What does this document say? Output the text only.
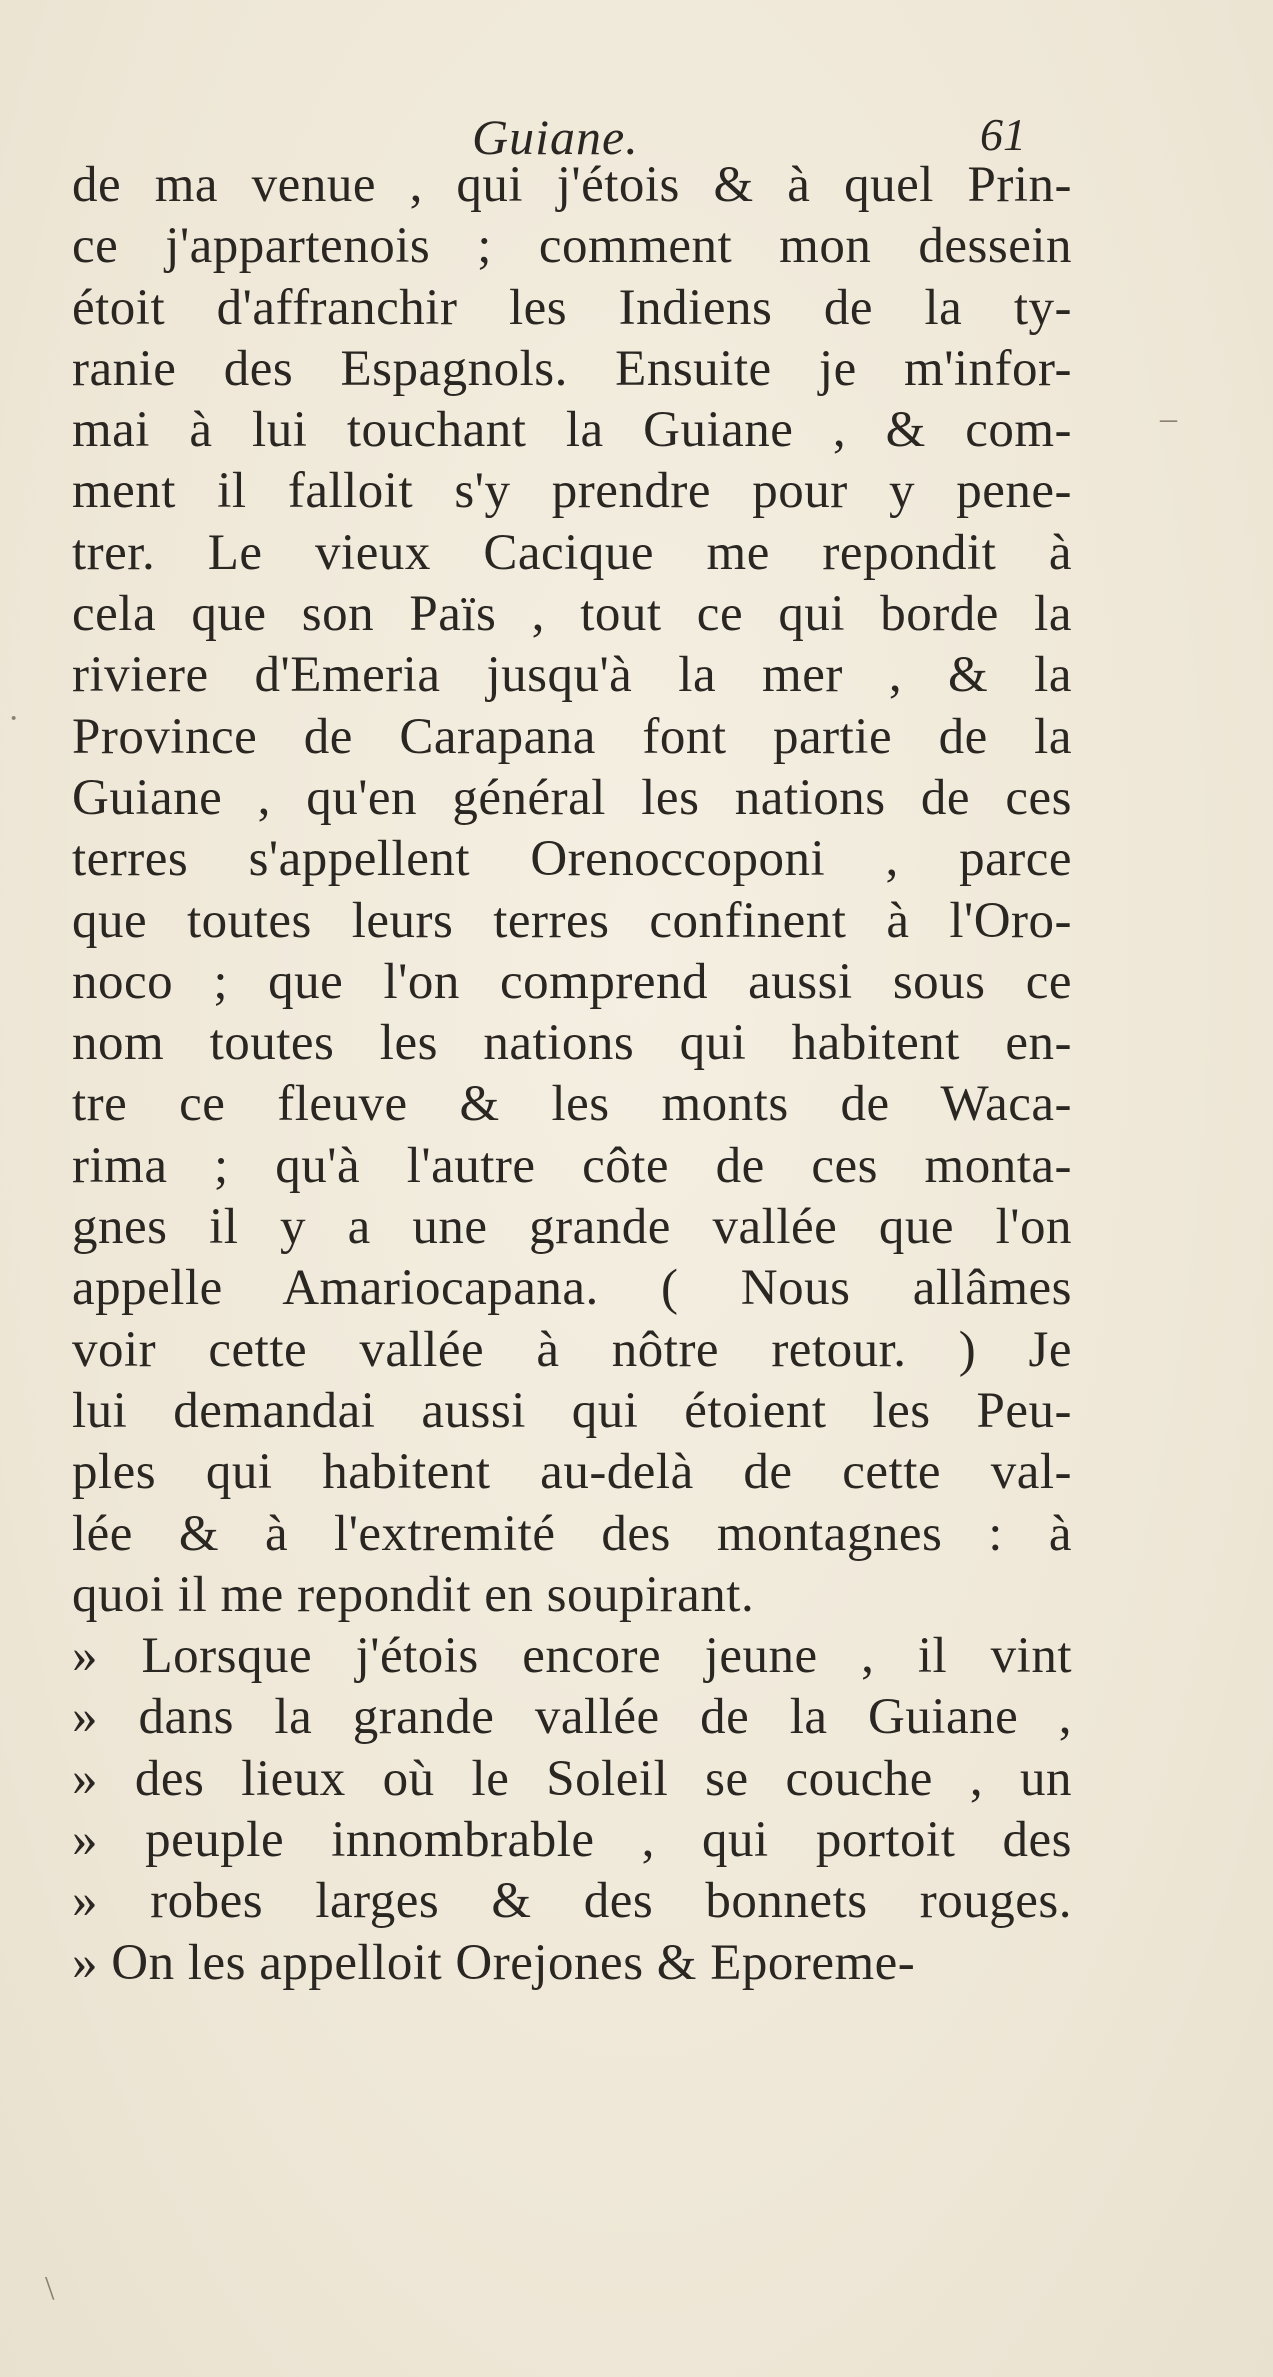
Guiane.	61
de ma venue , qui j'étois & à quel Prin-
ce j'appartenois ; comment mon dessein
étoit d'affranchir les Indiens de la ty-
ranie des Espagnols. Ensuite je m'infor-
mai à lui touchant la Guiane , & com-
ment il falloit s'y prendre pour y pene-
trer. Le vieux Cacique me repondit à
cela que son Païs , tout ce qui borde la
riviere d'Emeria jusqu'à la mer , & la
Province de Carapana font partie de la
Guiane , qu'en général les nations de ces
terres s'appellent Orenoccoponi , parce
que toutes leurs terres confinent à l'Oro-
noco ; que l'on comprend aussi sous ce
nom toutes les nations qui habitent en-
tre ce fleuve & les monts de Waca-
rima ; qu'à l'autre côte de ces monta-
gnes il y a une grande vallée que l'on
appelle Amariocapana. ( Nous allâmes
voir cette vallée à nôtre retour. ) Je
lui demandai aussi qui étoient les Peu-
ples qui habitent au-delà de cette val-
lée & à l'extremité des montagnes : à
quoi il me repondit en soupirant.
» Lorsque j'étois encore jeune , il vint
» dans la grande vallée de la Guiane ,
» des lieux où le Soleil se couche , un
» peuple innombrable , qui portoit des
» robes larges & des bonnets rouges.
» On les appelloit Orejones & Eporeme-
–
·
\
